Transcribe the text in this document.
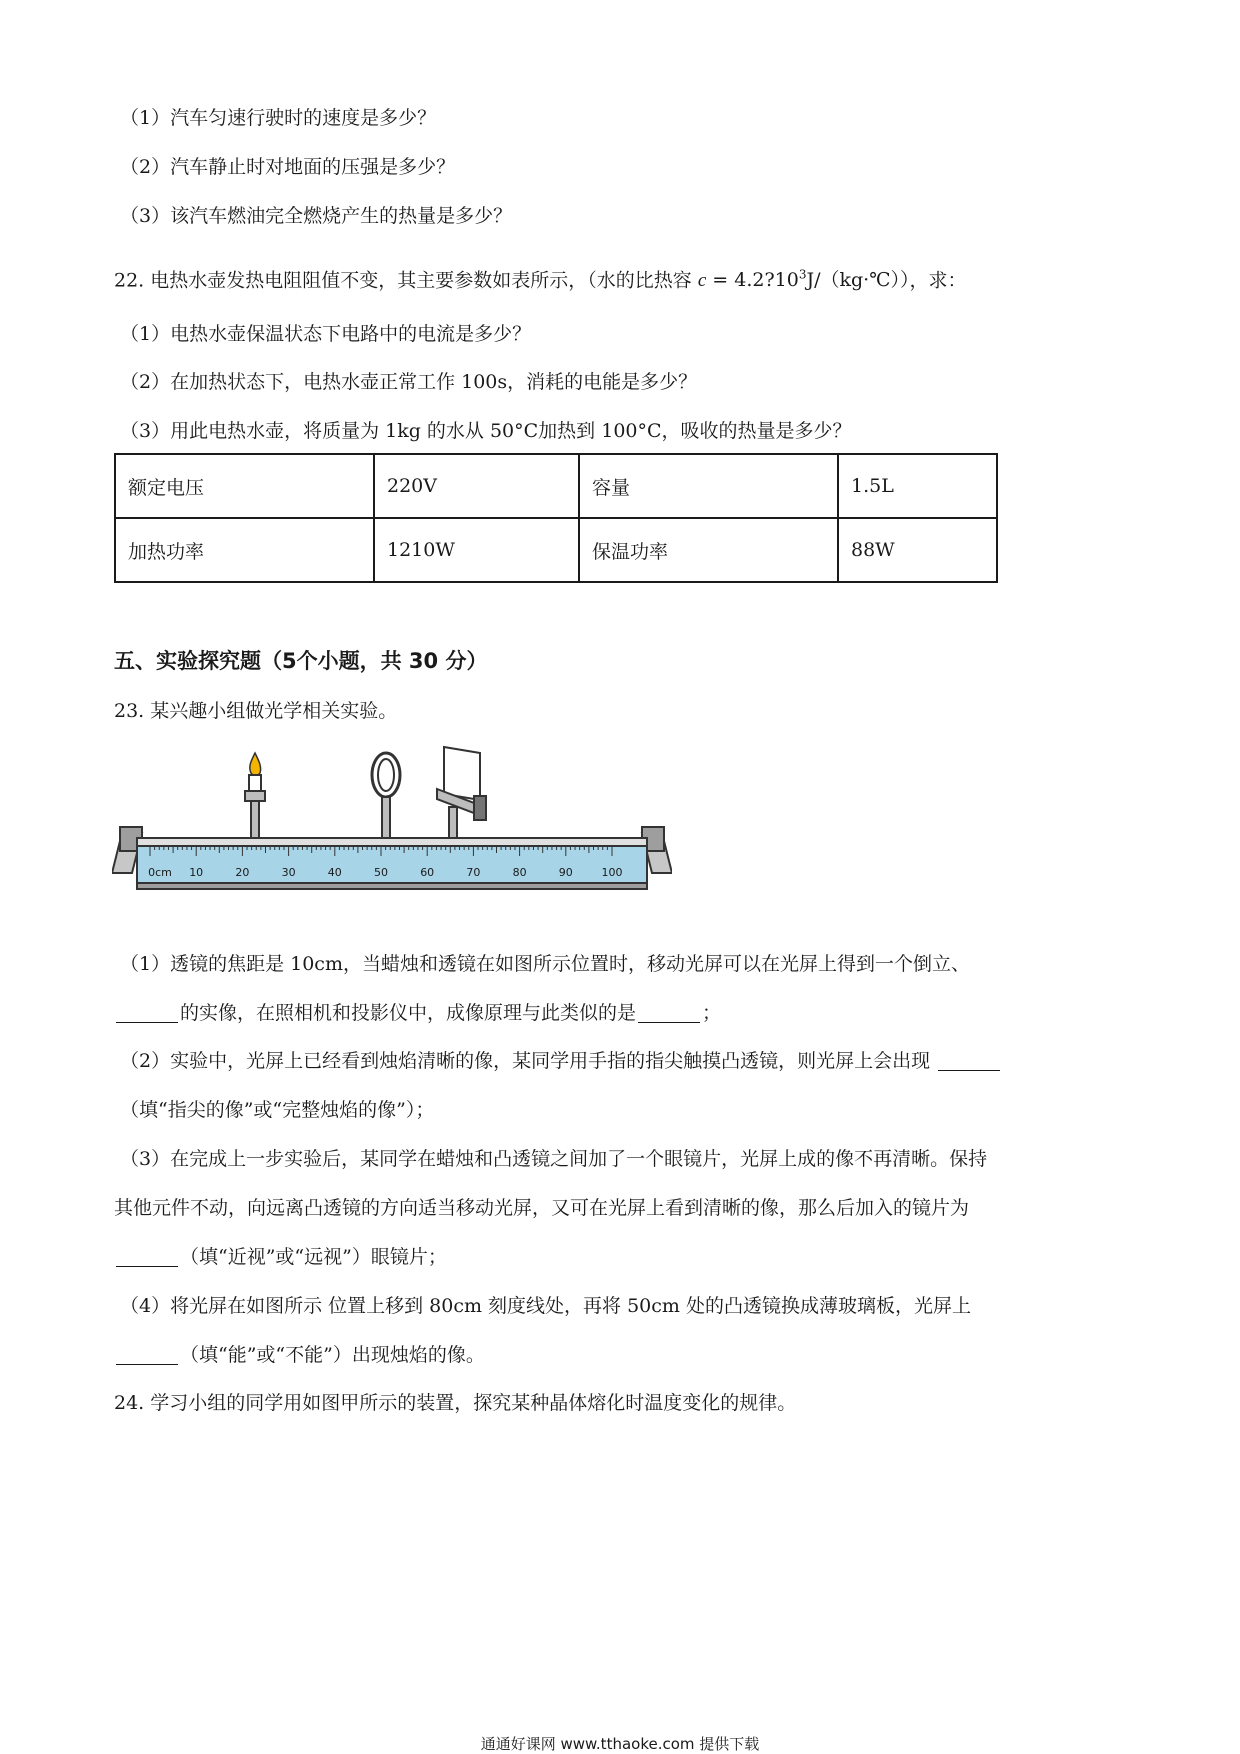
（1）汽车匀速行驶时的速度是多少？
（2）汽车静止时对地面的压强是多少？
（3）该汽车燃油完全燃烧产生的热量是多少？
22. 电热水壶发热电阻阻值不变，其主要参数如表所示，（水的比热容 $c = 4.2?10^3J/(kg\cdot℃)$），求：
（1）电热水壶保温状态下电路中的电流是多少？
（2）在加热状态下，电热水壶正常工作 100s，消耗的电能是多少？
（3）用此电热水壶，将质量为 1kg 的水从 50°C加热到 100°C，吸收的热量是多少？
额定电压	220V	容量	1.5L
加热功率	1210W	保温功率	88W
五、实验探究题（5个小题，共 30 分）
23. 某兴趣小组做光学相关实验。
0cm 10	20	30	40	50	60	70	80	90	100
（1）透镜的焦距是 10cm，当蜡烛和透镜在如图所示位置时，移动光屏可以在光屏上得到一个倒立、
的实像，在照相机和投影仪中，成像原理与此类似的是	；
（2）实验中，光屏上已经看到烛焰清晰的像，某同学用手指的指尖触摸凸透镜，则光屏上会出现
（填“指尖的像”或“完整烛焰的像”）；
（3）在完成上一步实验后，某同学在蜡烛和凸透镜之间加了一个眼镜片，光屏上成的像不再清晰。保持
其他元件不动，向远离凸透镜的方向适当移动光屏，又可在光屏上看到清晰的像，那么后加入的镜片为
（填“近视”或“远视”）眼镜片；
（4）将光屏在如图所示 位置上移到 80cm 刻度线处，再将 50cm 处的凸透镜换成薄玻璃板，光屏上
（填“能”或“不能”）出现烛焰的像。
24. 学习小组的同学用如图甲所示的装置，探究某种晶体熔化时温度变化的规律。
通通好课网 www.tthaoke.com 提供下载
